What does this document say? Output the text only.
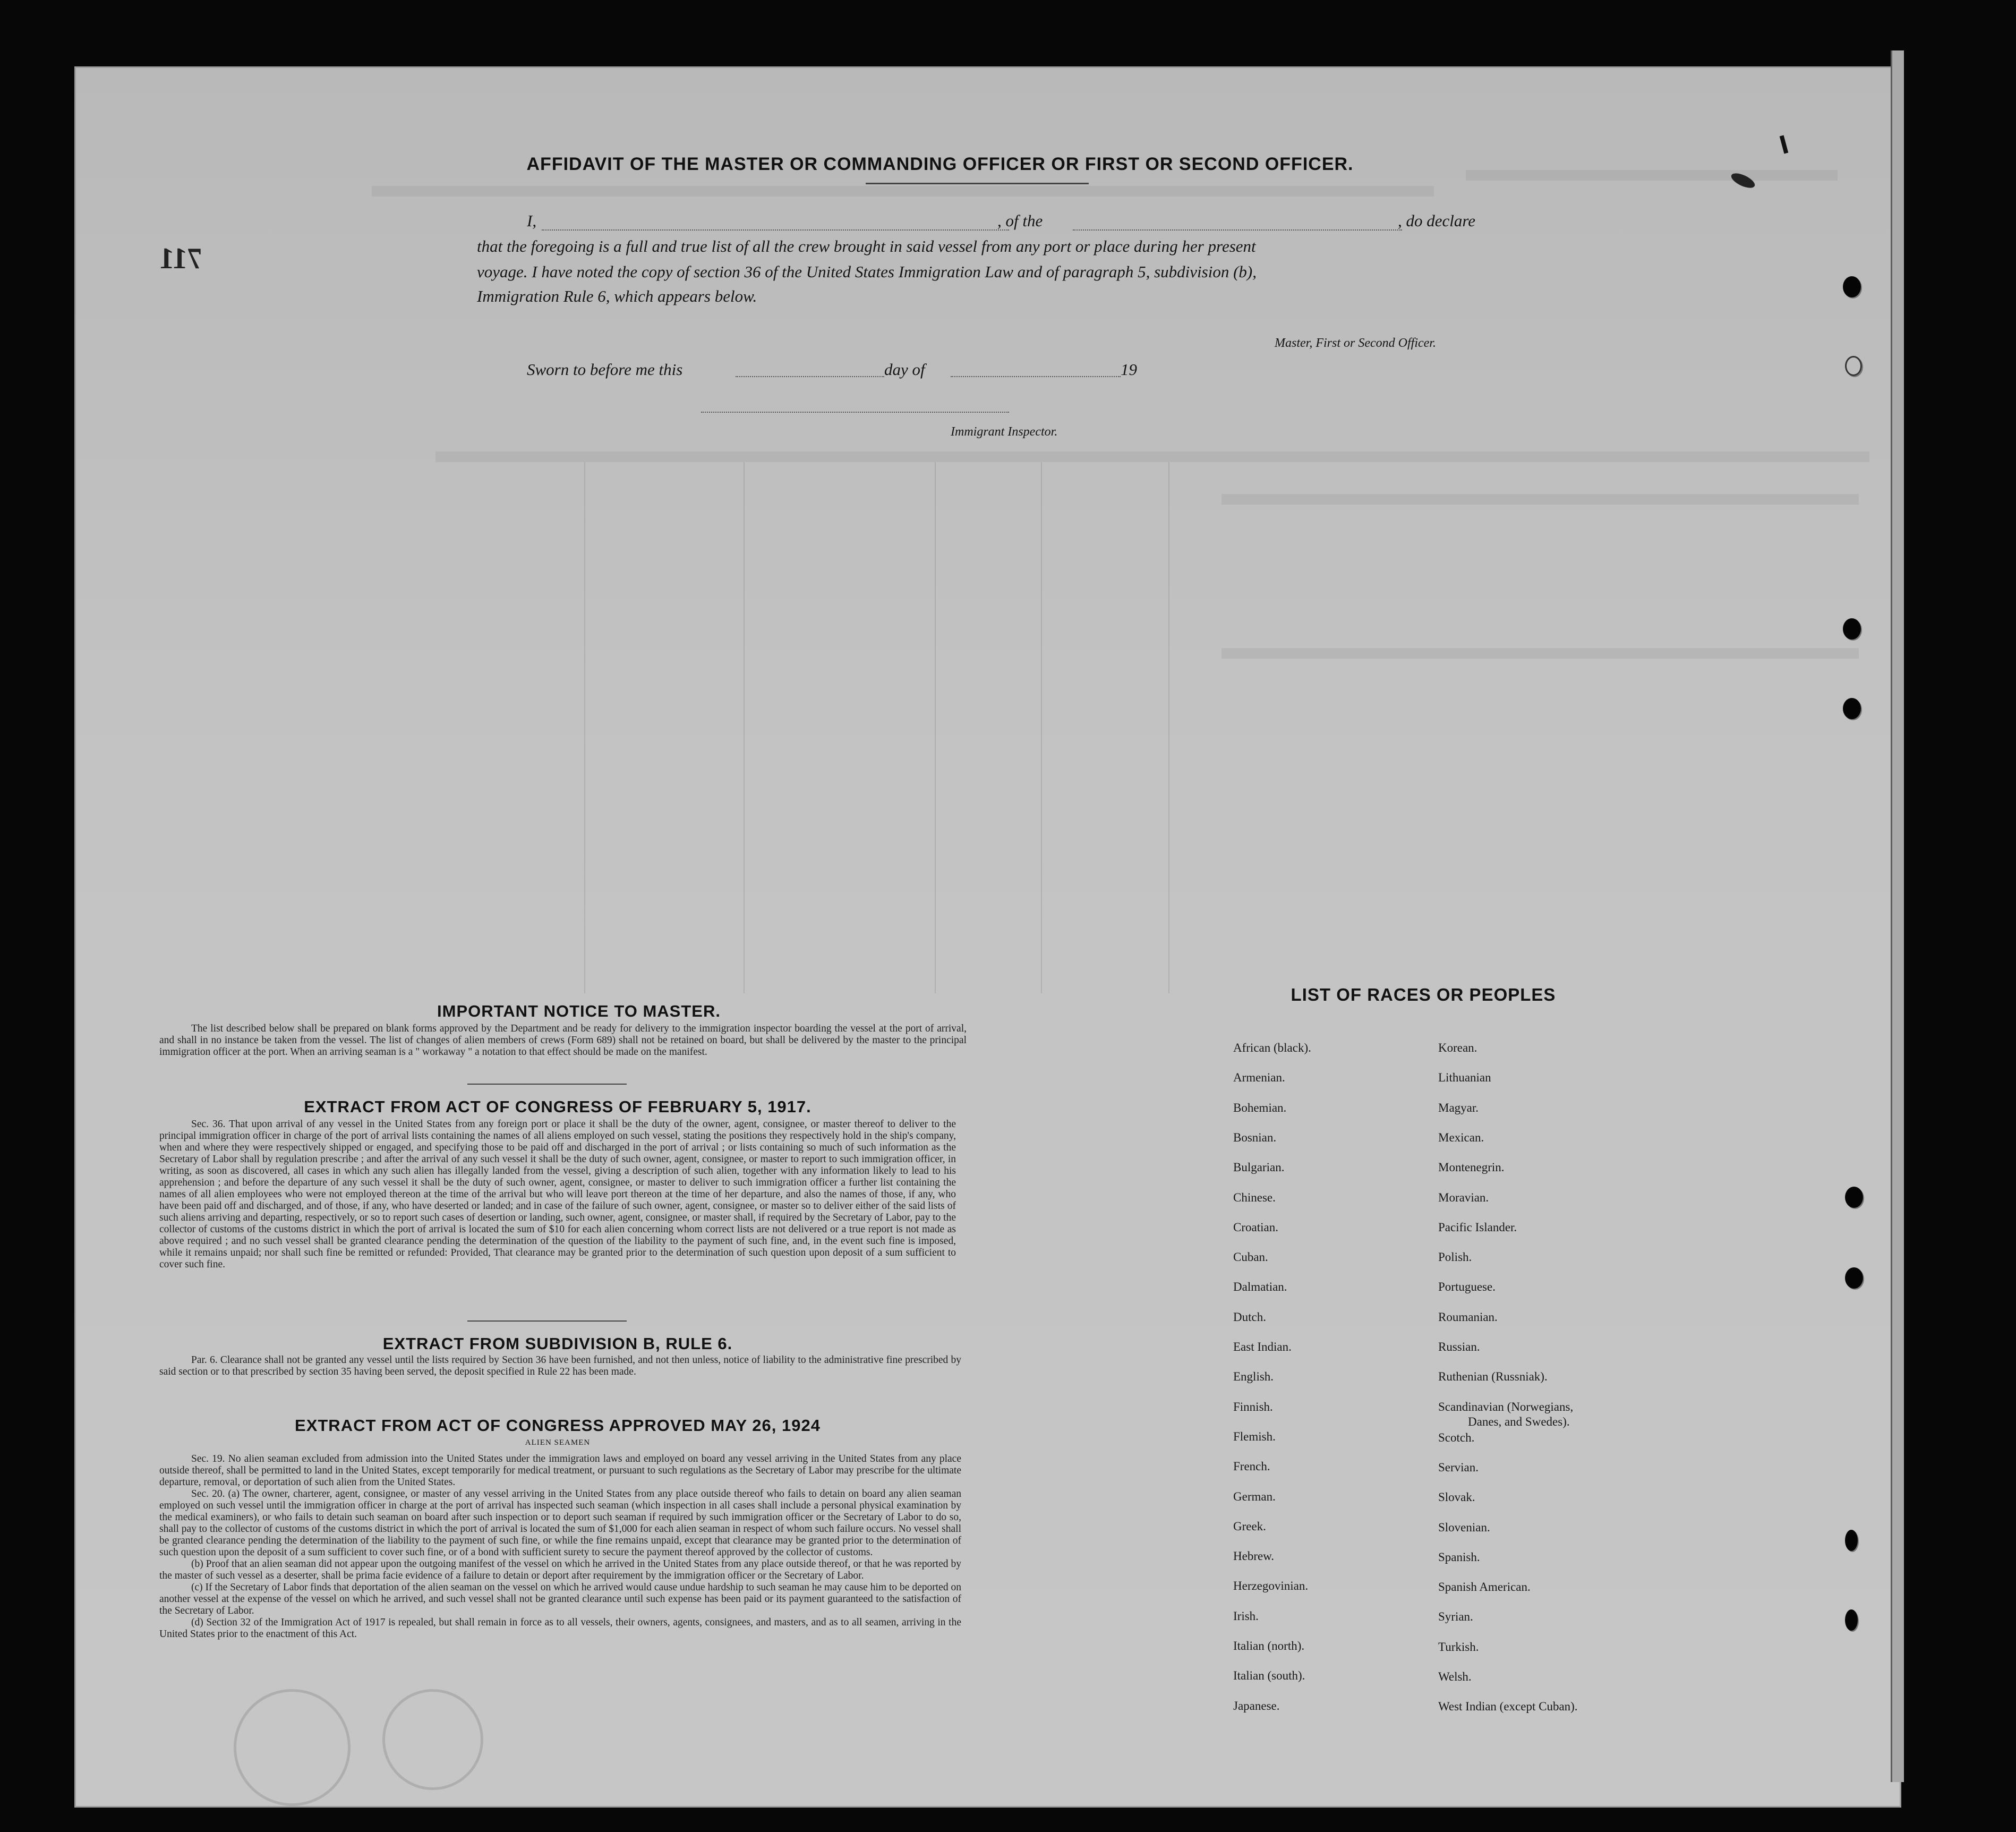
711
AFFIDAVIT OF THE MASTER OR COMMANDING OFFICER OR FIRST OR SECOND OFFICER.
I,	, of the	, do declare
that the foregoing is a full and true list of all the crew brought in said vessel from any port or place during her present
voyage. I have noted the copy of section 36 of the United States Immigration Law and of paragraph 5, subdivision (b),
Immigration Rule 6, which appears below.
Master, First or Second Officer.
Sworn to before me this	day of	19
Immigrant Inspector.
IMPORTANT NOTICE TO MASTER.

The list described below shall be prepared on blank forms approved by the Department and be ready for delivery to the immigration inspector boarding the vessel at the port of arrival, and shall in no instance be taken from the vessel. The list of changes of alien members of crews (Form 689) shall not be retained on board, but shall be delivered by the master to the principal immigration officer at the port. When an arriving seaman is a " workaway " a notation to that effect should be made on the manifest.

EXTRACT FROM ACT OF CONGRESS OF FEBRUARY 5, 1917.

Sec. 36. That upon arrival of any vessel in the United States from any foreign port or place it shall be the duty of the owner, agent, consignee, or master thereof to deliver to the principal immigration officer in charge of the port of arrival lists containing the names of all aliens employed on such vessel, stating the positions they respectively hold in the ship's company, when and where they were respectively shipped or engaged, and specifying those to be paid off and discharged in the port of arrival ; or lists containing so much of such information as the Secretary of Labor shall by regulation prescribe ; and after the arrival of any such vessel it shall be the duty of such owner, agent, consignee, or master to report to such immigration officer, in writing, as soon as discovered, all cases in which any such alien has illegally landed from the vessel, giving a description of such alien, together with any information likely to lead to his apprehension ; and before the departure of any such vessel it shall be the duty of such owner, agent, consignee, or master to deliver to such immigration officer a further list containing the names of all alien employees who were not employed thereon at the time of the arrival but who will leave port thereon at the time of her departure, and also the names of those, if any, who have been paid off and discharged, and of those, if any, who have deserted or landed; and in case of the failure of such owner, agent, consignee, or master so to deliver either of the said lists of such aliens arriving and departing, respectively, or so to report such cases of desertion or landing, such owner, agent, consignee, or master shall, if required by the Secretary of Labor, pay to the collector of customs of the customs district in which the port of arrival is located the sum of $10 for each alien concerning whom correct lists are not delivered or a true report is not made as above required ; and no such vessel shall be granted clearance pending the determination of the question of the liability to the payment of such fine, and, in the event such fine is imposed, while it remains unpaid; nor shall such fine be remitted or refunded: Provided, That clearance may be granted prior to the determination of such question upon deposit of a sum sufficient to cover such fine.

EXTRACT FROM SUBDIVISION B, RULE 6.

Par. 6. Clearance shall not be granted any vessel until the lists required by Section 36 have been furnished, and not then unless, notice of liability to the administrative fine prescribed by said section or to that prescribed by section 35 having been served, the deposit specified in Rule 22 has been made.

EXTRACT FROM ACT OF CONGRESS APPROVED MAY 26, 1924
ALIEN SEAMEN

Sec. 19. No alien seaman excluded from admission into the United States under the immigration laws and employed on board any vessel arriving in the United States from any place outside thereof, shall be permitted to land in the United States, except temporarily for medical treatment, or pursuant to such regulations as the Secretary of Labor may prescribe for the ultimate departure, removal, or deportation of such alien from the United States.

Sec. 20. (a) The owner, charterer, agent, consignee, or master of any vessel arriving in the United States from any place outside thereof who fails to detain on board any alien seaman employed on such vessel until the immigration officer in charge at the port of arrival has inspected such seaman (which inspection in all cases shall include a personal physical examination by the medical examiners), or who fails to detain such seaman on board after such inspection or to deport such seaman if required by such immigration officer or the Secretary of Labor to do so, shall pay to the collector of customs of the customs district in which the port of arrival is located the sum of $1,000 for each alien seaman in respect of whom such failure occurs. No vessel shall be granted clearance pending the determination of the liability to the payment of such fine, or while the fine remains unpaid, except that clearance may be granted prior to the determination of such question upon the deposit of a sum sufficient to cover such fine, or of a bond with sufficient surety to secure the payment thereof approved by the collector of customs.

(b) Proof that an alien seaman did not appear upon the outgoing manifest of the vessel on which he arrived in the United States from any place outside thereof, or that he was reported by the master of such vessel as a deserter, shall be prima facie evidence of a failure to detain or deport after requirement by the immigration officer or the Secretary of Labor.

(c) If the Secretary of Labor finds that deportation of the alien seaman on the vessel on which he arrived would cause undue hardship to such seaman he may cause him to be deported on another vessel at the expense of the vessel on which he arrived, and such vessel shall not be granted clearance until such expense has been paid or its payment guaranteed to the satisfaction of the Secretary of Labor.

(d) Section 32 of the Immigration Act of 1917 is repealed, but shall remain in force as to all vessels, their owners, agents, consignees, and masters, and as to all seamen, arriving in the United States prior to the enactment of this Act.

LIST OF RACES OR PEOPLES
African (black).
Armenian.
Bohemian.
Bosnian.
Bulgarian.
Chinese.
Croatian.
Cuban.
Dalmatian.
Dutch.
East Indian.
English.
Finnish.
Flemish.
French.
German.
Greek.
Hebrew.
Herzegovinian.
Irish.
Italian (north).
Italian (south).
Japanese.
Korean.
Lithuanian
Magyar.
Mexican.
Montenegrin.
Moravian.
Pacific Islander.
Polish.
Portuguese.
Roumanian.
Russian.
Ruthenian (Russniak).
Scandinavian (Norwegians,
Danes, and Swedes).
Scotch.
Servian.
Slovak.
Slovenian.
Spanish.
Spanish American.
Syrian.
Turkish.
Welsh.
West Indian (except Cuban).
